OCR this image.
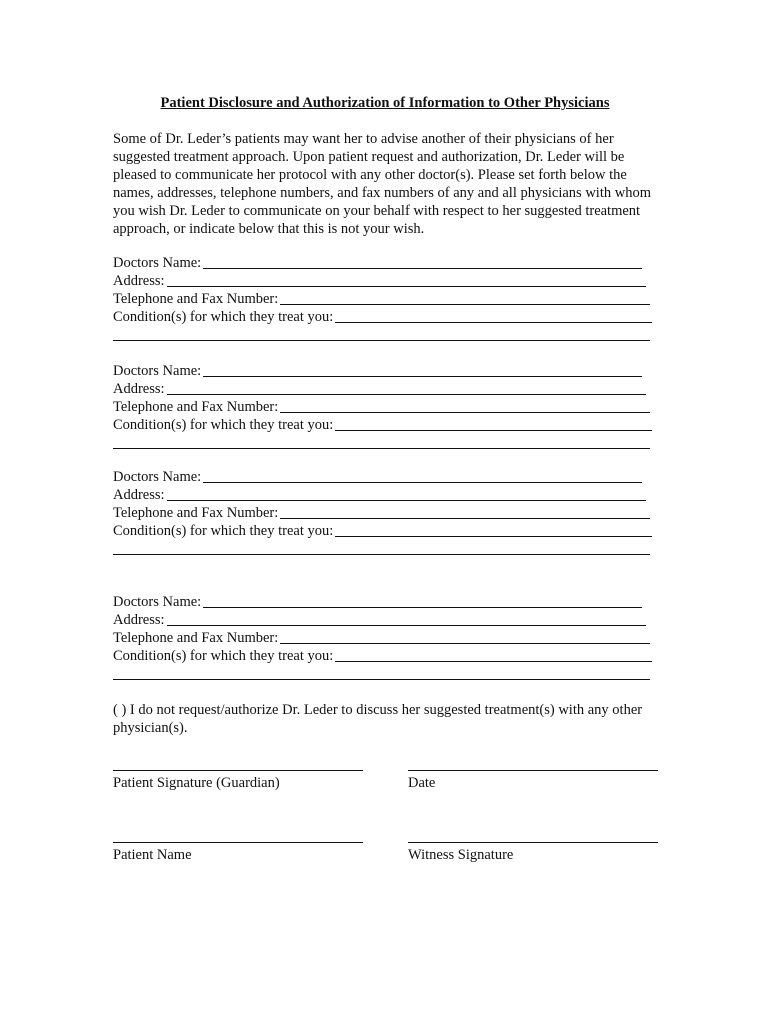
Patient Disclosure and Authorization of Information to Other Physicians

Some of Dr. Leder’s patients may want her to advise another of their physicians of her suggested treatment approach. Upon patient request and authorization, Dr. Leder will be pleased to communicate her protocol with any other doctor(s). Please set forth below the names, addresses, telephone numbers, and fax numbers of any and all physicians with whom you wish Dr. Leder to communicate on your behalf with respect to her suggested treatment approach, or indicate below that this is not your wish.

Doctors Name:
Address:
Telephone and Fax Number:
Condition(s) for which they treat you:
Doctors Name:
Address:
Telephone and Fax Number:
Condition(s) for which they treat you:
Doctors Name:
Address:
Telephone and Fax Number:
Condition(s) for which they treat you:
Doctors Name:
Address:
Telephone and Fax Number:
Condition(s) for which they treat you:

( ) I do not request/authorize Dr. Leder to discuss her suggested treatment(s) with any other physician(s).

Patient Signature (Guardian)	Date
Patient Name	Witness Signature
